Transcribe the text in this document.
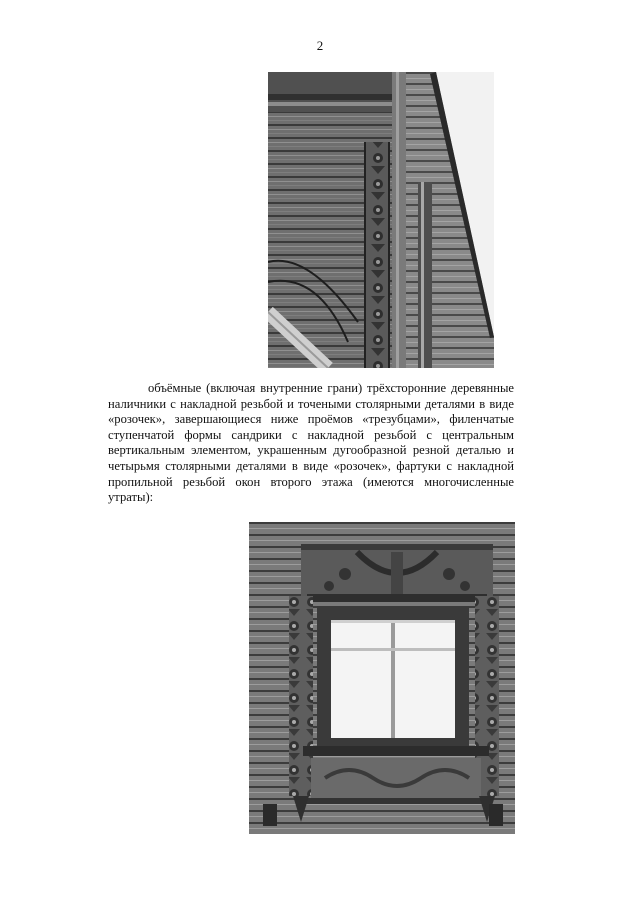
2

объёмные (включая внутренние грани) трёхсторонние деревянные наличники с накладной резьбой и точеными столярными деталями в виде «розочек», завершающиеся ниже проёмов «трезубцами», филенчатые ступенчатой формы сандрики с накладной резьбой с центральным вертикальным элементом, украшенным дугообразной резной деталью и четырьмя столярными деталями в виде «розочек», фартуки с накладной пропильной резьбой окон второго этажа (имеются многочисленные утраты):
